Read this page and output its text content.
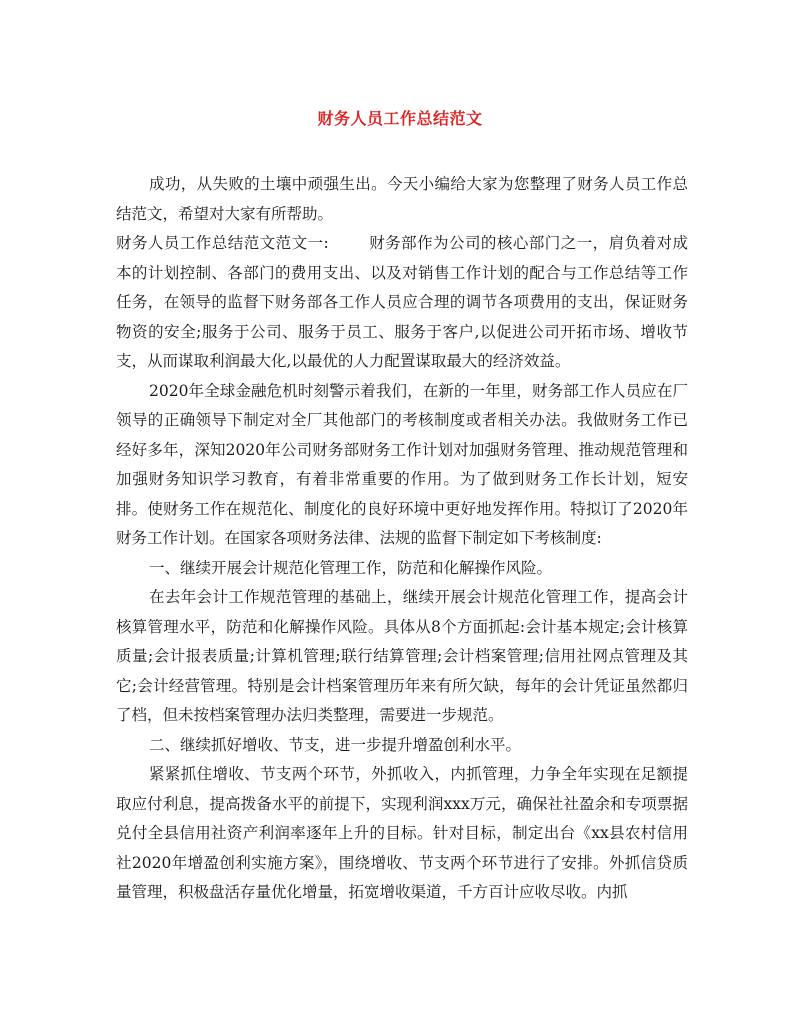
财务人员工作总结范文

成功，从失败的土壤中顽强生出。今天小编给大家为您整理了财务人员工作总结范文，希望对大家有所帮助。

财务人员工作总结范文范文一:	财务部作为公司的核心部门之一，肩负着对成本的计划控制、各部门的费用支出、以及对销售工作计划的配合与工作总结等工作任务，在领导的监督下财务部各工作人员应合理的调节各项费用的支出，保证财务物资的安全;服务于公司、服务于员工、服务于客户,以促进公司开拓市场、增收节支，从而谋取利润最大化,以最优的人力配置谋取最大的经济效益。

2020年全球金融危机时刻警示着我们，在新的一年里，财务部工作人员应在厂领导的正确领导下制定对全厂其他部门的考核制度或者相关办法。我做财务工作已经好多年，深知2020年公司财务部财务工作计划对加强财务管理、推动规范管理和加强财务知识学习教育，有着非常重要的作用。为了做到财务工作长计划，短安排。使财务工作在规范化、制度化的良好环境中更好地发挥作用。特拟订了2020年财务工作计划。在国家各项财务法律、法规的监督下制定如下考核制度:

一、继续开展会计规范化管理工作，防范和化解操作风险。

在去年会计工作规范管理的基础上，继续开展会计规范化管理工作，提高会计核算管理水平，防范和化解操作风险。具体从8个方面抓起:会计基本规定;会计核算质量;会计报表质量;计算机管理;联行结算管理;会计档案管理;信用社网点管理及其它;会计经营管理。特别是会计档案管理历年来有所欠缺，每年的会计凭证虽然都归了档，但未按档案管理办法归类整理，需要进一步规范。

二、继续抓好增收、节支，进一步提升增盈创利水平。

紧紧抓住增收、节支两个环节，外抓收入，内抓管理，力争全年实现在足额提取应付利息，提高拨备水平的前提下，实现利润xxx万元，确保社社盈余和专项票据兑付全县信用社资产利润率逐年上升的目标。针对目标，制定出台《xx县农村信用社2020年增盈创利实施方案》，围绕增收、节支两个环节进行了安排。外抓信贷质量管理，积极盘活存量优化增量，拓宽增收渠道，千方百计应收尽收。内抓
